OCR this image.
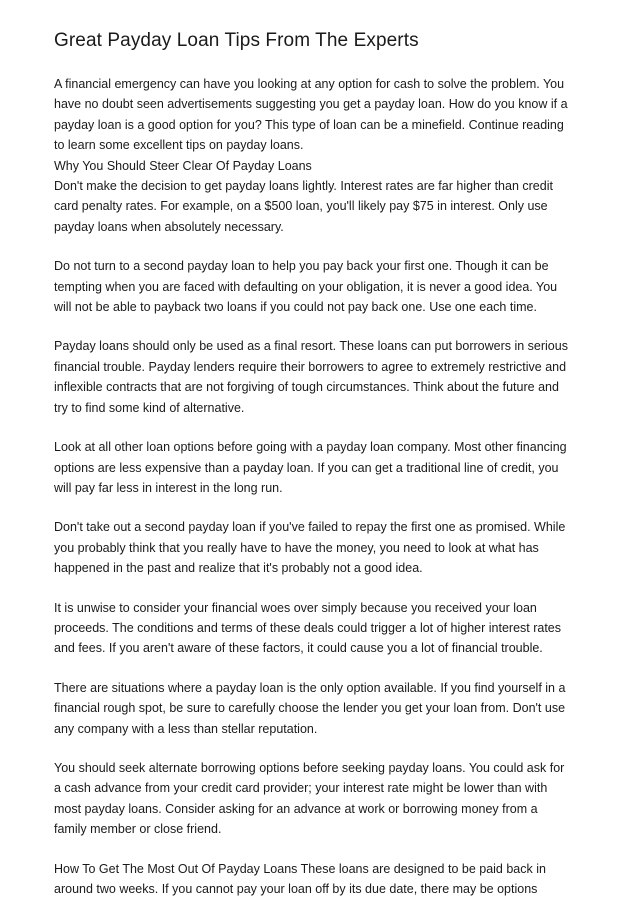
Great Payday Loan Tips From The Experts

A financial emergency can have you looking at any option for cash to solve the problem. You
have no doubt seen advertisements suggesting you get a payday loan. How do you know if a
payday loan is a good option for you? This type of loan can be a minefield. Continue reading
to learn some excellent tips on payday loans.
Why You Should Steer Clear Of Payday Loans
Don't make the decision to get payday loans lightly. Interest rates are far higher than credit
card penalty rates. For example, on a $500 loan, you'll likely pay $75 in interest. Only use
payday loans when absolutely necessary.

Do not turn to a second payday loan to help you pay back your first one. Though it can be
tempting when you are faced with defaulting on your obligation, it is never a good idea. You
will not be able to payback two loans if you could not pay back one. Use one each time.

Payday loans should only be used as a final resort. These loans can put borrowers in serious
financial trouble. Payday lenders require their borrowers to agree to extremely restrictive and
inflexible contracts that are not forgiving of tough circumstances. Think about the future and
try to find some kind of alternative.

Look at all other loan options before going with a payday loan company. Most other financing
options are less expensive than a payday loan. If you can get a traditional line of credit, you
will pay far less in interest in the long run.

Don't take out a second payday loan if you've failed to repay the first one as promised. While
you probably think that you really have to have the money, you need to look at what has
happened in the past and realize that it's probably not a good idea.

It is unwise to consider your financial woes over simply because you received your loan
proceeds. The conditions and terms of these deals could trigger a lot of higher interest rates
and fees. If you aren't aware of these factors, it could cause you a lot of financial trouble.

There are situations where a payday loan is the only option available. If you find yourself in a
financial rough spot, be sure to carefully choose the lender you get your loan from. Don't use
any company with a less than stellar reputation.

You should seek alternate borrowing options before seeking payday loans. You could ask for
a cash advance from your credit card provider; your interest rate might be lower than with
most payday loans. Consider asking for an advance at work or borrowing money from a
family member or close friend.

How To Get The Most Out Of Payday Loans These loans are designed to be paid back in
around two weeks. If you cannot pay your loan off by its due date, there may be options
